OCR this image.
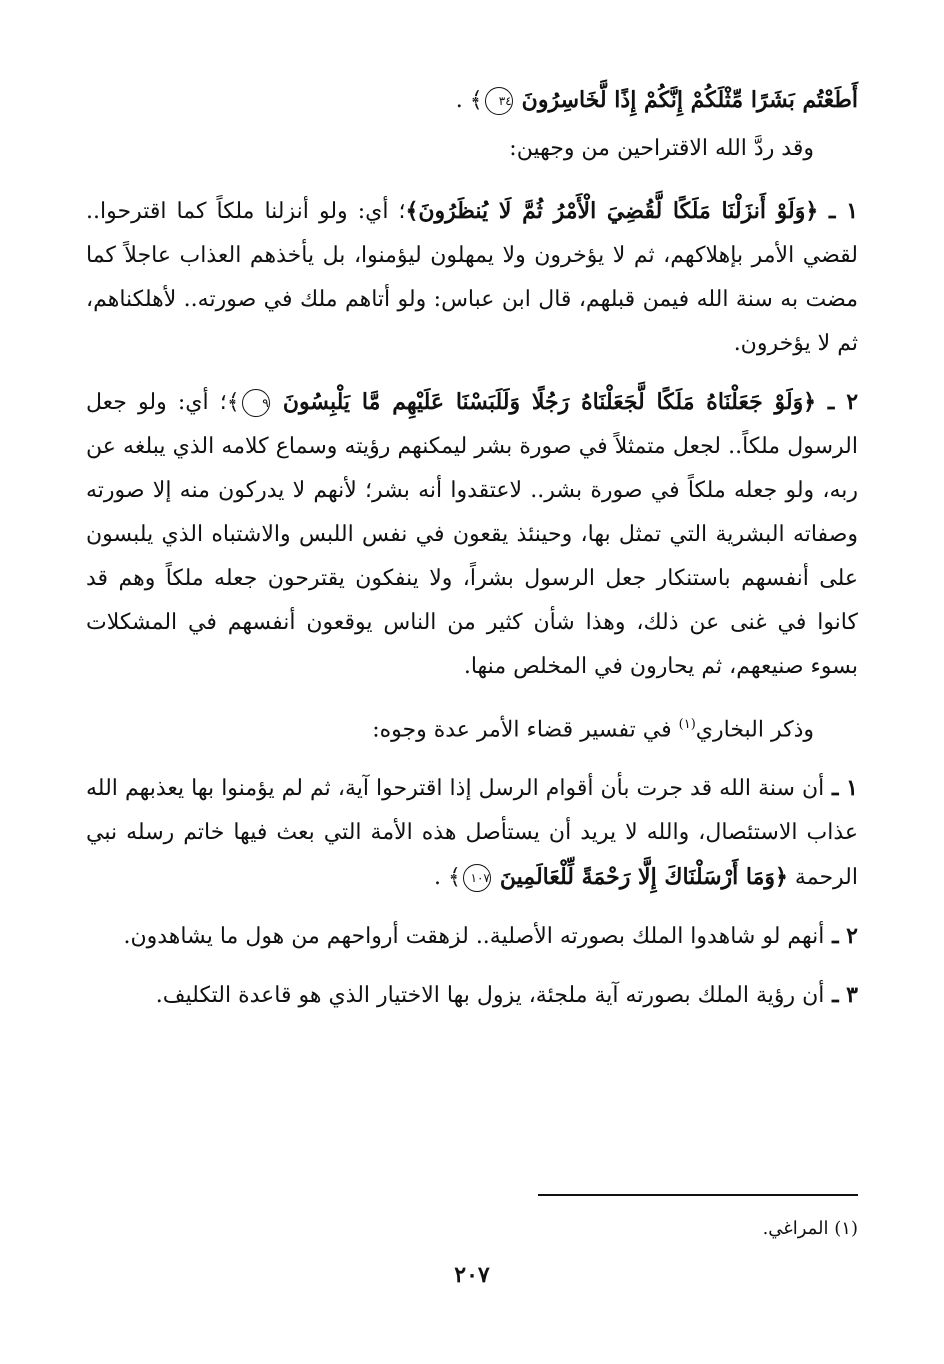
أَطَعْتُم بَشَرًا مِّثْلَكُمْ إِنَّكُمْ إِذًا لَّخَاسِرُونَ ٣٤﴾ .

وقد ردَّ الله الاقتراحين من وجهين:

١ ـ ﴿وَلَوْ أَنزَلْنَا مَلَكًا لَّقُضِيَ الْأَمْرُ ثُمَّ لَا يُنظَرُونَ﴾؛ أي: ولو أنزلنا ملكاً كما اقترحوا.. لقضي الأمر بإهلاكهم، ثم لا يؤخرون ولا يمهلون ليؤمنوا، بل يأخذهم العذاب عاجلاً كما مضت به سنة الله فيمن قبلهم، قال ابن عباس: ولو أتاهم ملك في صورته.. لأهلكناهم، ثم لا يؤخرون.

٢ ـ ﴿وَلَوْ جَعَلْنَاهُ مَلَكًا لَّجَعَلْنَاهُ رَجُلًا وَلَلَبَسْنَا عَلَيْهِم مَّا يَلْبِسُونَ ٩﴾؛ أي: ولو جعل الرسول ملكاً.. لجعل متمثلاً في صورة بشر ليمكنهم رؤيته وسماع كلامه الذي يبلغه عن ربه، ولو جعله ملكاً في صورة بشر.. لاعتقدوا أنه بشر؛ لأنهم لا يدركون منه إلا صورته وصفاته البشرية التي تمثل بها، وحينئذ يقعون في نفس اللبس والاشتباه الذي يلبسون على أنفسهم باستنكار جعل الرسول بشراً، ولا ينفكون يقترحون جعله ملكاً وهم قد كانوا في غنى عن ذلك، وهذا شأن كثير من الناس يوقعون أنفسهم في المشكلات بسوء صنيعهم، ثم يحارون في المخلص منها.

وذكر البخاري$^{(١)}$ في تفسير قضاء الأمر عدة وجوه:

١ ـ أن سنة الله قد جرت بأن أقوام الرسل إذا اقترحوا آية، ثم لم يؤمنوا بها يعذبهم الله عذاب الاستئصال، والله لا يريد أن يستأصل هذه الأمة التي بعث فيها خاتم رسله نبي الرحمة ﴿وَمَا أَرْسَلْنَاكَ إِلَّا رَحْمَةً لِّلْعَالَمِينَ ١٠٧﴾ .

٢ ـ أنهم لو شاهدوا الملك بصورته الأصلية.. لزهقت أرواحهم من هول ما يشاهدون.

٣ ـ أن رؤية الملك بصورته آية ملجئة، يزول بها الاختيار الذي هو قاعدة التكليف.

(١) المراغي.
٢٠٧
